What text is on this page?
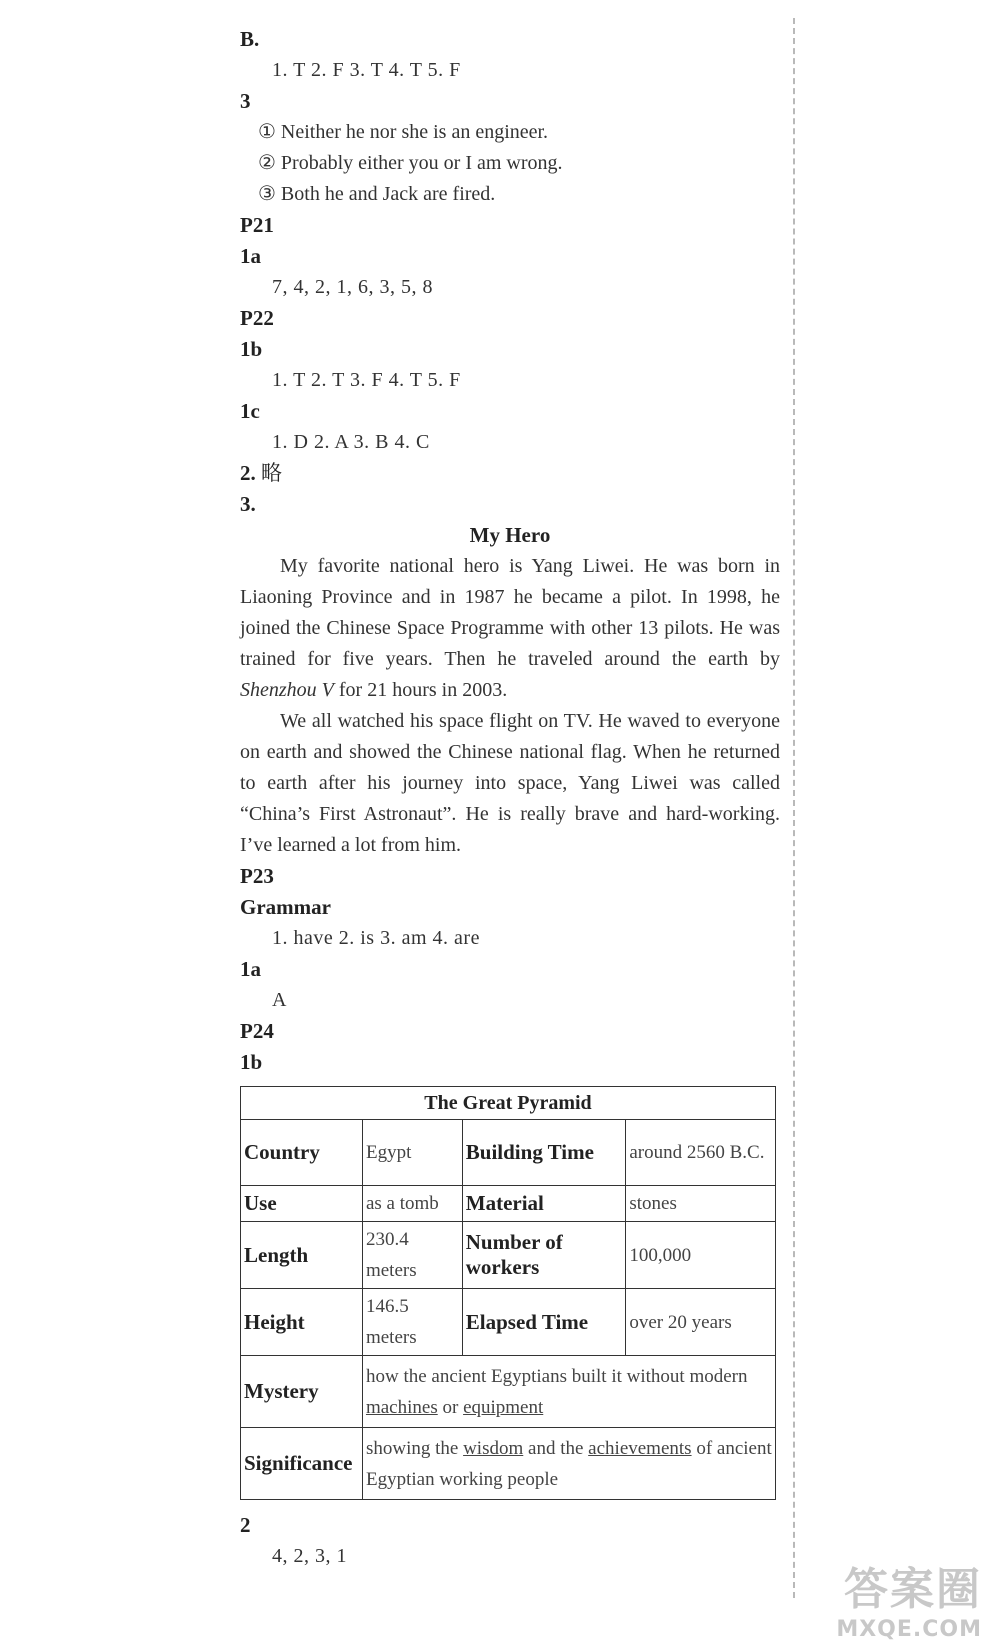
B.
1. T 2. F 3. T 4. T 5. F
3
① Neither he nor she is an engineer.
② Probably either you or I am wrong.
③ Both he and Jack are fired.
P21
1a
7, 4, 2, 1, 6, 3, 5, 8
P22
1b
1. T 2. T 3. F 4. T 5. F
1c
1. D 2. A 3. B 4. C
2. 略
3.
My Hero
My favorite national hero is Yang Liwei. He was born in Liaoning Province and in 1987 he became a pilot. In 1998, he joined the Chinese Space Programme with other 13 pilots. He was trained for five years. Then he traveled around the earth by Shenzhou V for 21 hours in 2003.
We all watched his space flight on TV. He waved to everyone on earth and showed the Chinese national flag. When he returned to earth after his journey into space, Yang Liwei was called “China’s First Astronaut”. He is really brave and hard-working. I’ve learned a lot from him.
P23
Grammar
1. have 2. is 3. am 4. are
1a
A
P24
1b
The Great Pyramid			
Country	Egypt	Building Time	around 2560 B.C.
Use	as a tomb	Material	stones
Length	230.4 meters	Number of workers	100,000
Height	146.5 meters	Elapsed Time	over 20 years
Mystery	how the ancient Egyptians built it without modern machines or equipment		
Significance	showing the wisdom and the achievements of ancient Egyptian working people		
2
4, 2, 3, 1
答案圈
MXQE.COM
